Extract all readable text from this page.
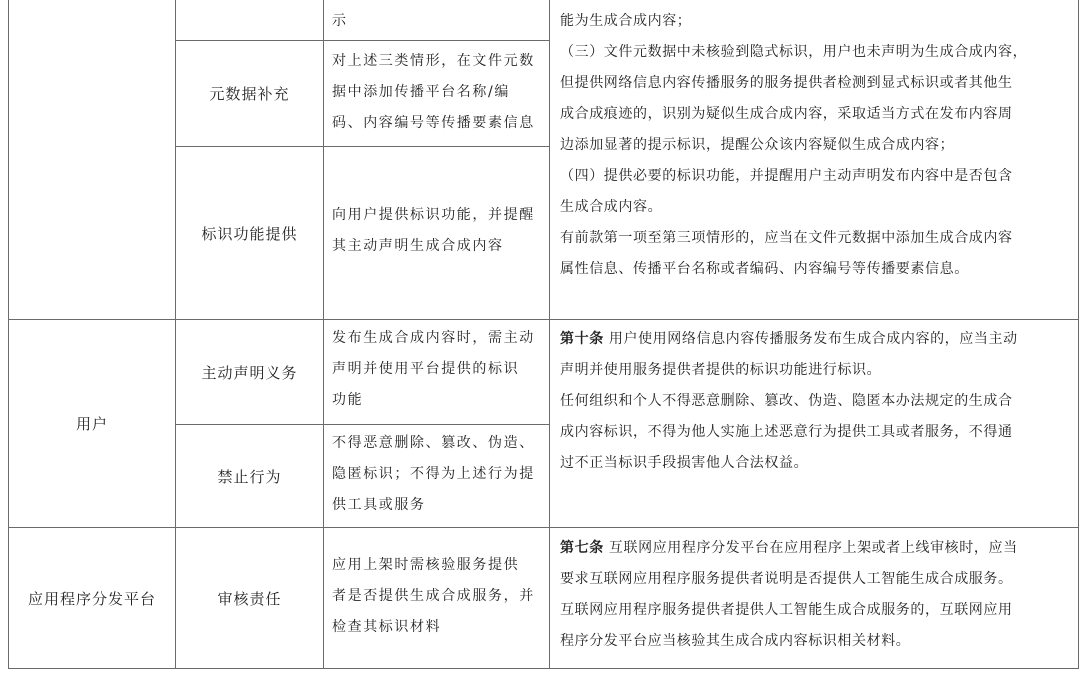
元数据补充
标识功能提供
主动声明义务
禁止行为
审核责任
用户
应用程序分发平台

示

对上述三类情形，在文件元数

据中添加传播平台名称/编

码、内容编号等传播要素信息

向用户提供标识功能，并提醒

其主动声明生成合成内容

发布生成合成内容时，需主动

声明并使用平台提供的标识

功能

不得恶意删除、篡改、伪造、

隐匿标识；不得为上述行为提

供工具或服务

应用上架时需核验服务提供

者是否提供生成合成服务，并

检查其标识材料

能为生成合成内容；

（三）文件元数据中未核验到隐式标识，用户也未声明为生成合成内容，

但提供网络信息内容传播服务的服务提供者检测到显式标识或者其他生

成合成痕迹的，识别为疑似生成合成内容，采取适当方式在发布内容周

边添加显著的提示标识，提醒公众该内容疑似生成合成内容；

（四）提供必要的标识功能，并提醒用户主动声明发布内容中是否包含

生成合成内容。

有前款第一项至第三项情形的，应当在文件元数据中添加生成合成内容

属性信息、传播平台名称或者编码、内容编号等传播要素信息。

第十条 用户使用网络信息内容传播服务发布生成合成内容的，应当主动

声明并使用服务提供者提供的标识功能进行标识。

任何组织和个人不得恶意删除、篡改、伪造、隐匿本办法规定的生成合

成内容标识，不得为他人实施上述恶意行为提供工具或者服务，不得通

过不正当标识手段损害他人合法权益。

第七条 互联网应用程序分发平台在应用程序上架或者上线审核时，应当

要求互联网应用程序服务提供者说明是否提供人工智能生成合成服务。

互联网应用程序服务提供者提供人工智能生成合成服务的，互联网应用

程序分发平台应当核验其生成合成内容标识相关材料。
